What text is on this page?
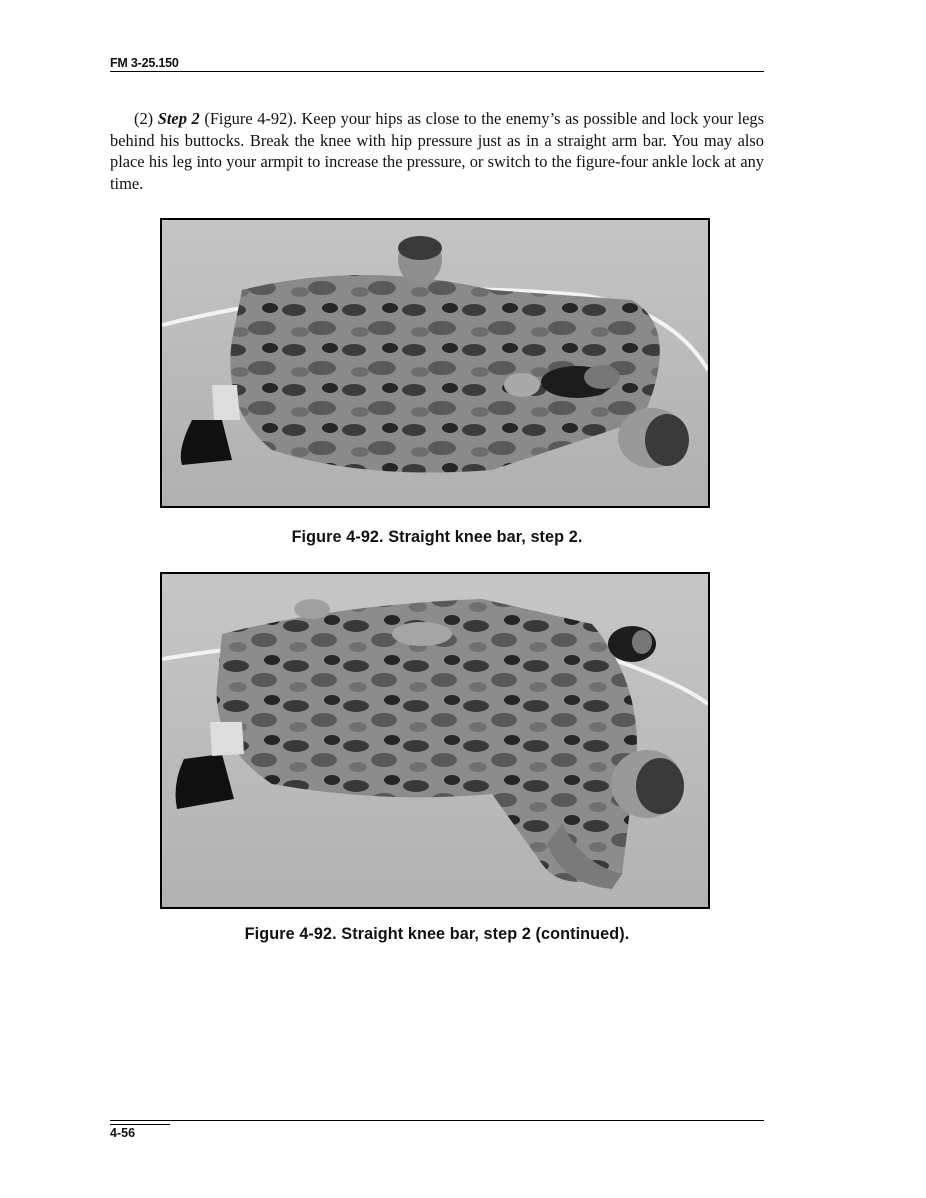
FM 3-25.150

(2) Step 2 (Figure 4-92). Keep your hips as close to the enemy’s as possible and lock your legs behind his buttocks. Break the knee with hip pressure just as in a straight arm bar. You may also place his leg into your armpit to increase the pressure, or switch to the figure-four ankle lock at any time.

Figure 4-92. Straight knee bar, step 2.
Figure 4-92. Straight knee bar, step 2 (continued).
4-56
